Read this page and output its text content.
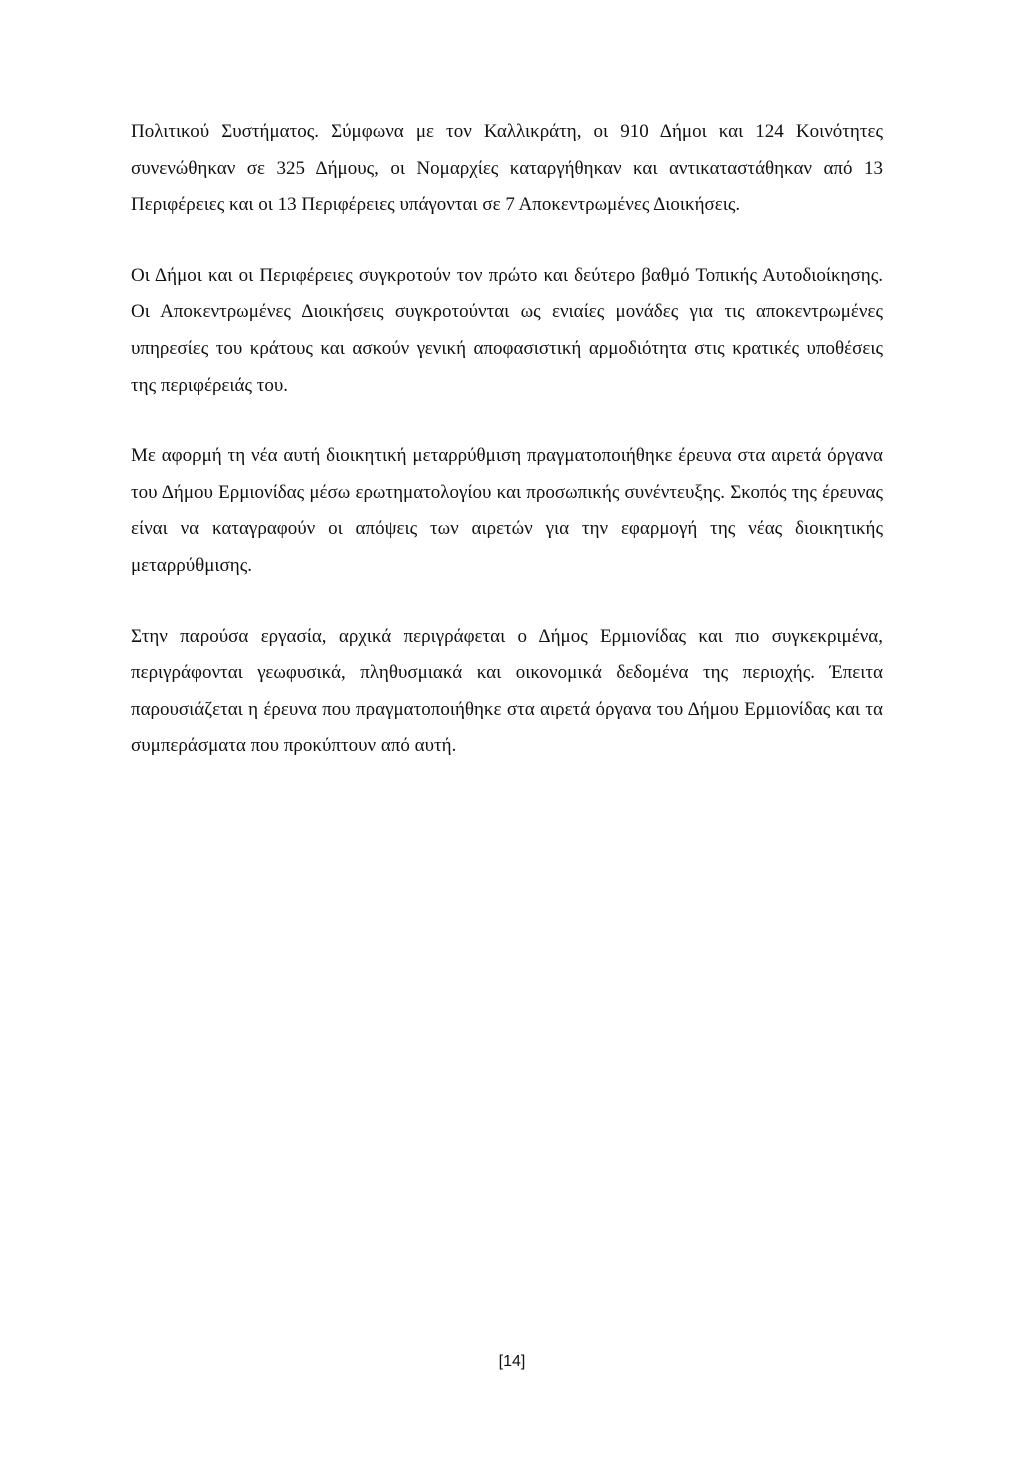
Πολιτικού Συστήματος. Σύμφωνα με τον Καλλικράτη, οι 910 Δήμοι και 124 Κοινότητες συνενώθηκαν σε 325 Δήμους, οι Νομαρχίες καταργήθηκαν και αντικαταστάθηκαν από 13 Περιφέρειες και οι 13 Περιφέρειες υπάγονται σε 7 Αποκεντρωμένες Διοικήσεις.

Οι Δήμοι και οι Περιφέρειες συγκροτούν τον πρώτο και δεύτερο βαθμό Τοπικής Αυτοδιοίκησης. Οι Αποκεντρωμένες Διοικήσεις συγκροτούνται ως ενιαίες μονάδες για τις αποκεντρωμένες υπηρεσίες του κράτους και ασκούν γενική αποφασιστική αρμοδιότητα στις κρατικές υποθέσεις της περιφέρειάς του.

Με αφορμή τη νέα αυτή διοικητική μεταρρύθμιση πραγματοποιήθηκε έρευνα στα αιρετά όργανα του Δήμου Ερμιονίδας μέσω ερωτηματολογίου και προσωπικής συνέντευξης. Σκοπός της έρευνας είναι να καταγραφούν οι απόψεις των αιρετών για την εφαρμογή της νέας διοικητικής μεταρρύθμισης.

Στην παρούσα εργασία, αρχικά περιγράφεται ο Δήμος Ερμιονίδας και πιο συγκεκριμένα, περιγράφονται γεωφυσικά, πληθυσμιακά και οικονομικά δεδομένα της περιοχής. Έπειτα παρουσιάζεται η έρευνα που πραγματοποιήθηκε στα αιρετά όργανα του Δήμου Ερμιονίδας και τα συμπεράσματα που προκύπτουν από αυτή.

[14]
